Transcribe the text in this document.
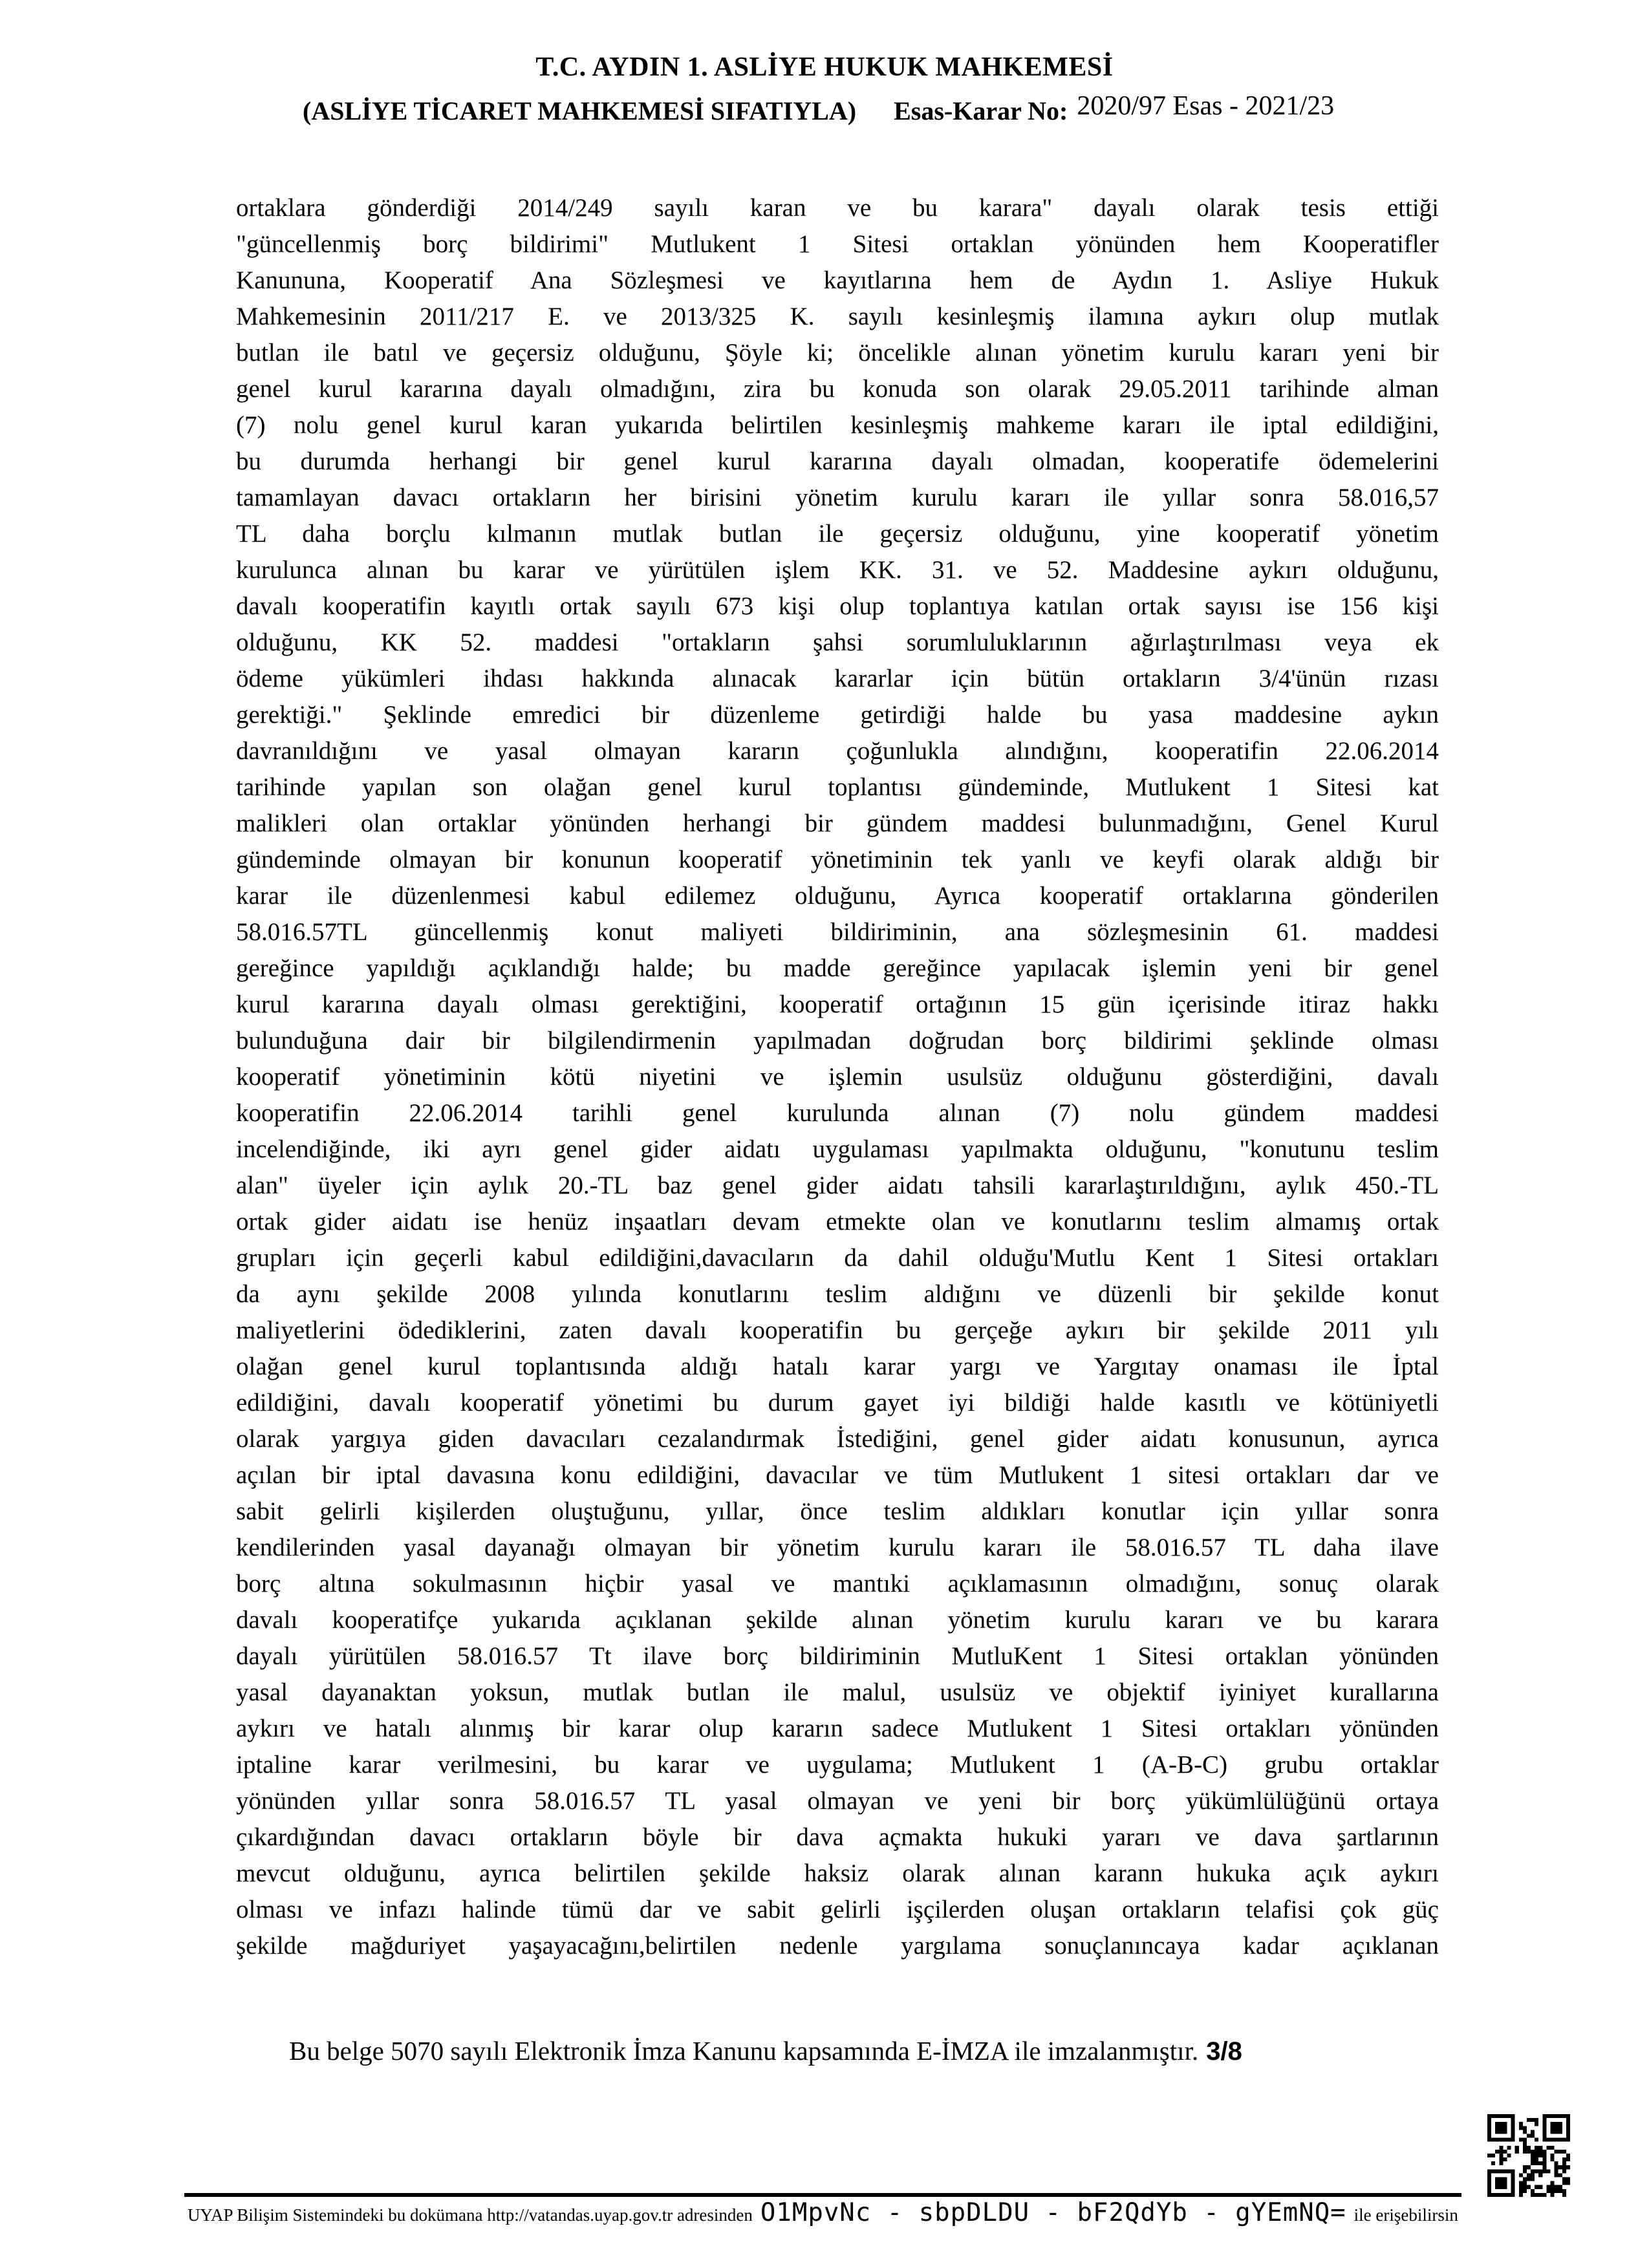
T.C. AYDIN 1. ASLİYE HUKUK MAHKEMESİ
(ASLİYE TİCARET MAHKEMESİ SIFATIYLA) Esas-Karar No: 2020/97 Esas - 2021/23
ortaklara gönderdiği 2014/249 sayılı karan ve bu karara" dayalı olarak tesis ettiği
"güncellenmiş borç bildirimi" Mutlukent 1 Sitesi ortaklan yönünden hem Kooperatifler
Kanununa, Kooperatif Ana Sözleşmesi ve kayıtlarına hem de Aydın 1. Asliye Hukuk
Mahkemesinin 2011/217 E. ve 2013/325 K. sayılı kesinleşmiş ilamına aykırı olup mutlak
butlan ile batıl ve geçersiz olduğunu, Şöyle ki; öncelikle alınan yönetim kurulu kararı yeni bir
genel kurul kararına dayalı olmadığını, zira bu konuda son olarak 29.05.2011 tarihinde alman
(7) nolu genel kurul karan yukarıda belirtilen kesinleşmiş mahkeme kararı ile iptal edildiğini,
bu durumda herhangi bir genel kurul kararına dayalı olmadan, kooperatife ödemelerini
tamamlayan davacı ortakların her birisini yönetim kurulu kararı ile yıllar sonra 58.016,57
TL daha borçlu kılmanın mutlak butlan ile geçersiz olduğunu, yine kooperatif yönetim
kurulunca alınan bu karar ve yürütülen işlem KK. 31. ve 52. Maddesine aykırı olduğunu,
davalı kooperatifin kayıtlı ortak sayılı 673 kişi olup toplantıya katılan ortak sayısı ise 156 kişi
olduğunu, KK 52. maddesi "ortakların şahsi sorumluluklarının ağırlaştırılması veya ek
ödeme yükümleri ihdası hakkında alınacak kararlar için bütün ortakların 3/4'ünün rızası
gerektiği." Şeklinde emredici bir düzenleme getirdiği halde bu yasa maddesine aykın
davranıldığını ve yasal olmayan kararın çoğunlukla alındığını, kooperatifin 22.06.2014
tarihinde yapılan son olağan genel kurul toplantısı gündeminde, Mutlukent 1 Sitesi kat
malikleri olan ortaklar yönünden herhangi bir gündem maddesi bulunmadığını, Genel Kurul
gündeminde olmayan bir konunun kooperatif yönetiminin tek yanlı ve keyfi olarak aldığı bir
karar ile düzenlenmesi kabul edilemez olduğunu, Ayrıca kooperatif ortaklarına gönderilen
58.016.57TL güncellenmiş konut maliyeti bildiriminin, ana sözleşmesinin 61. maddesi
gereğince yapıldığı açıklandığı halde; bu madde gereğince yapılacak işlemin yeni bir genel
kurul kararına dayalı olması gerektiğini, kooperatif ortağının 15 gün içerisinde itiraz hakkı
bulunduğuna dair bir bilgilendirmenin yapılmadan doğrudan borç bildirimi şeklinde olması
kooperatif yönetiminin kötü niyetini ve işlemin usulsüz olduğunu gösterdiğini, davalı
kooperatifin 22.06.2014 tarihli genel kurulunda alınan (7) nolu gündem maddesi
incelendiğinde, iki ayrı genel gider aidatı uygulaması yapılmakta olduğunu, "konutunu teslim
alan" üyeler için aylık 20.-TL baz genel gider aidatı tahsili kararlaştırıldığını, aylık 450.-TL
ortak gider aidatı ise henüz inşaatları devam etmekte olan ve konutlarını teslim almamış ortak
grupları için geçerli kabul edildiğini,davacıların da dahil olduğu'Mutlu Kent 1 Sitesi ortakları
da aynı şekilde 2008 yılında konutlarını teslim aldığını ve düzenli bir şekilde konut
maliyetlerini ödediklerini, zaten davalı kooperatifin bu gerçeğe aykırı bir şekilde 2011 yılı
olağan genel kurul toplantısında aldığı hatalı karar yargı ve Yargıtay onaması ile İptal
edildiğini, davalı kooperatif yönetimi bu durum gayet iyi bildiği halde kasıtlı ve kötüniyetli
olarak yargıya giden davacıları cezalandırmak İstediğini, genel gider aidatı konusunun, ayrıca
açılan bir iptal davasına konu edildiğini, davacılar ve tüm Mutlukent 1 sitesi ortakları dar ve
sabit gelirli kişilerden oluştuğunu, yıllar, önce teslim aldıkları konutlar için yıllar sonra
kendilerinden yasal dayanağı olmayan bir yönetim kurulu kararı ile 58.016.57 TL daha ilave
borç altına sokulmasının hiçbir yasal ve mantıki açıklamasının olmadığını, sonuç olarak
davalı kooperatifçe yukarıda açıklanan şekilde alınan yönetim kurulu kararı ve bu karara
dayalı yürütülen 58.016.57 Tt ilave borç bildiriminin MutluKent 1 Sitesi ortaklan yönünden
yasal dayanaktan yoksun, mutlak butlan ile malul, usulsüz ve objektif iyiniyet kurallarına
aykırı ve hatalı alınmış bir karar olup kararın sadece Mutlukent 1 Sitesi ortakları yönünden
iptaline karar verilmesini, bu karar ve uygulama; Mutlukent 1 (A-B-C) grubu ortaklar
yönünden yıllar sonra 58.016.57 TL yasal olmayan ve yeni bir borç yükümlülüğünü ortaya
çıkardığından davacı ortakların böyle bir dava açmakta hukuki yararı ve dava şartlarının
mevcut olduğunu, ayrıca belirtilen şekilde haksiz olarak alınan karann hukuka açık aykırı
olması ve infazı halinde tümü dar ve sabit gelirli işçilerden oluşan ortakların telafisi çok güç
şekilde mağduriyet yaşayacağını,belirtilen nedenle yargılama sonuçlanıncaya kadar açıklanan
Bu belge 5070 sayılı Elektronik İmza Kanunu kapsamında E-İMZA ile imzalanmıştır. 3/8
UYAP Bilişim Sistemindeki bu dokümana http://vatandas.uyap.gov.tr adresinden O1MpvNc - sbpDLDU - bF2QdYb - gYEmNQ= ile erişebilirsin
